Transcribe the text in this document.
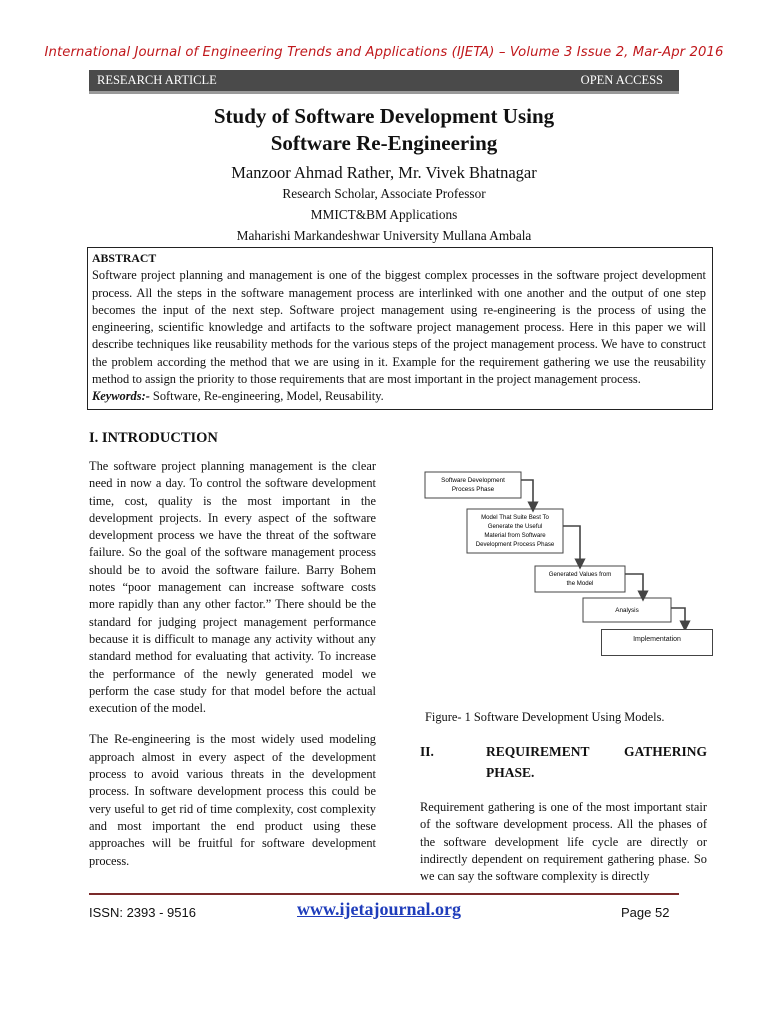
International Journal of Engineering Trends and Applications (IJETA) – Volume 3 Issue 2, Mar-Apr 2016
RESEARCH ARTICLE	OPEN ACCESS
Study of Software Development Using
Software Re-Engineering
Manzoor Ahmad Rather, Mr. Vivek Bhatnagar
Research Scholar, Associate Professor
MMICT&BM Applications
Maharishi Markandeshwar University Mullana Ambala
ABSTRACT

Software project planning and management is one of the biggest complex processes in the software project development process. All the steps in the software management process are interlinked with one another and the output of one step becomes the input of the next step. Software project management using re-engineering is the process of using the engineering, scientific knowledge and artifacts to the software project management process. Here in this paper we will describe techniques like reusability methods for the various steps of the project management process. We have to construct the problem according the method that we are using in it. Example for the requirement gathering we use the reusability method to assign the priority to those requirements that are most important in the project management process.

Keywords:- Software, Re-engineering, Model, Reusability.

I. INTRODUCTION

The software project planning management is the clear need in now a day. To control the software development time, cost, quality is the most important in the development projects. In every aspect of the software development process we have the threat of the software failure. So the goal of the software management process should be to avoid the software failure. Barry Bohem notes “poor management can increase software costs more rapidly than any other factor.” There should be the standard for judging project management performance because it is difficult to manage any activity without any standard method for evaluating that activity. To increase the performance of the newly generated model we perform the case study for that model before the actual execution of the model.

The Re-engineering is the most widely used modeling approach almost in every aspect of the development process to avoid various threats in the development process. In software development process this could be very useful to get rid of time complexity, cost complexity and most important the end product using these approaches will be fruitful for software development process.

Software Development
Process Phase
Model That Suite Best To
Generate the Useful
Material from Software
Development Process Phase
Generated Values from
the Model
Analysis
Implementation
Figure- 1 Software Development Using Models.
II.	REQUIREMENT GATHERING
PHASE.

Requirement gathering is one of the most important stair of the software development process. All the phases of the software development life cycle are directly or indirectly dependent on requirement gathering phase. So we can say the software complexity is directly

ISSN: 2393 - 9516	www.ijetajournal.org	Page 52
